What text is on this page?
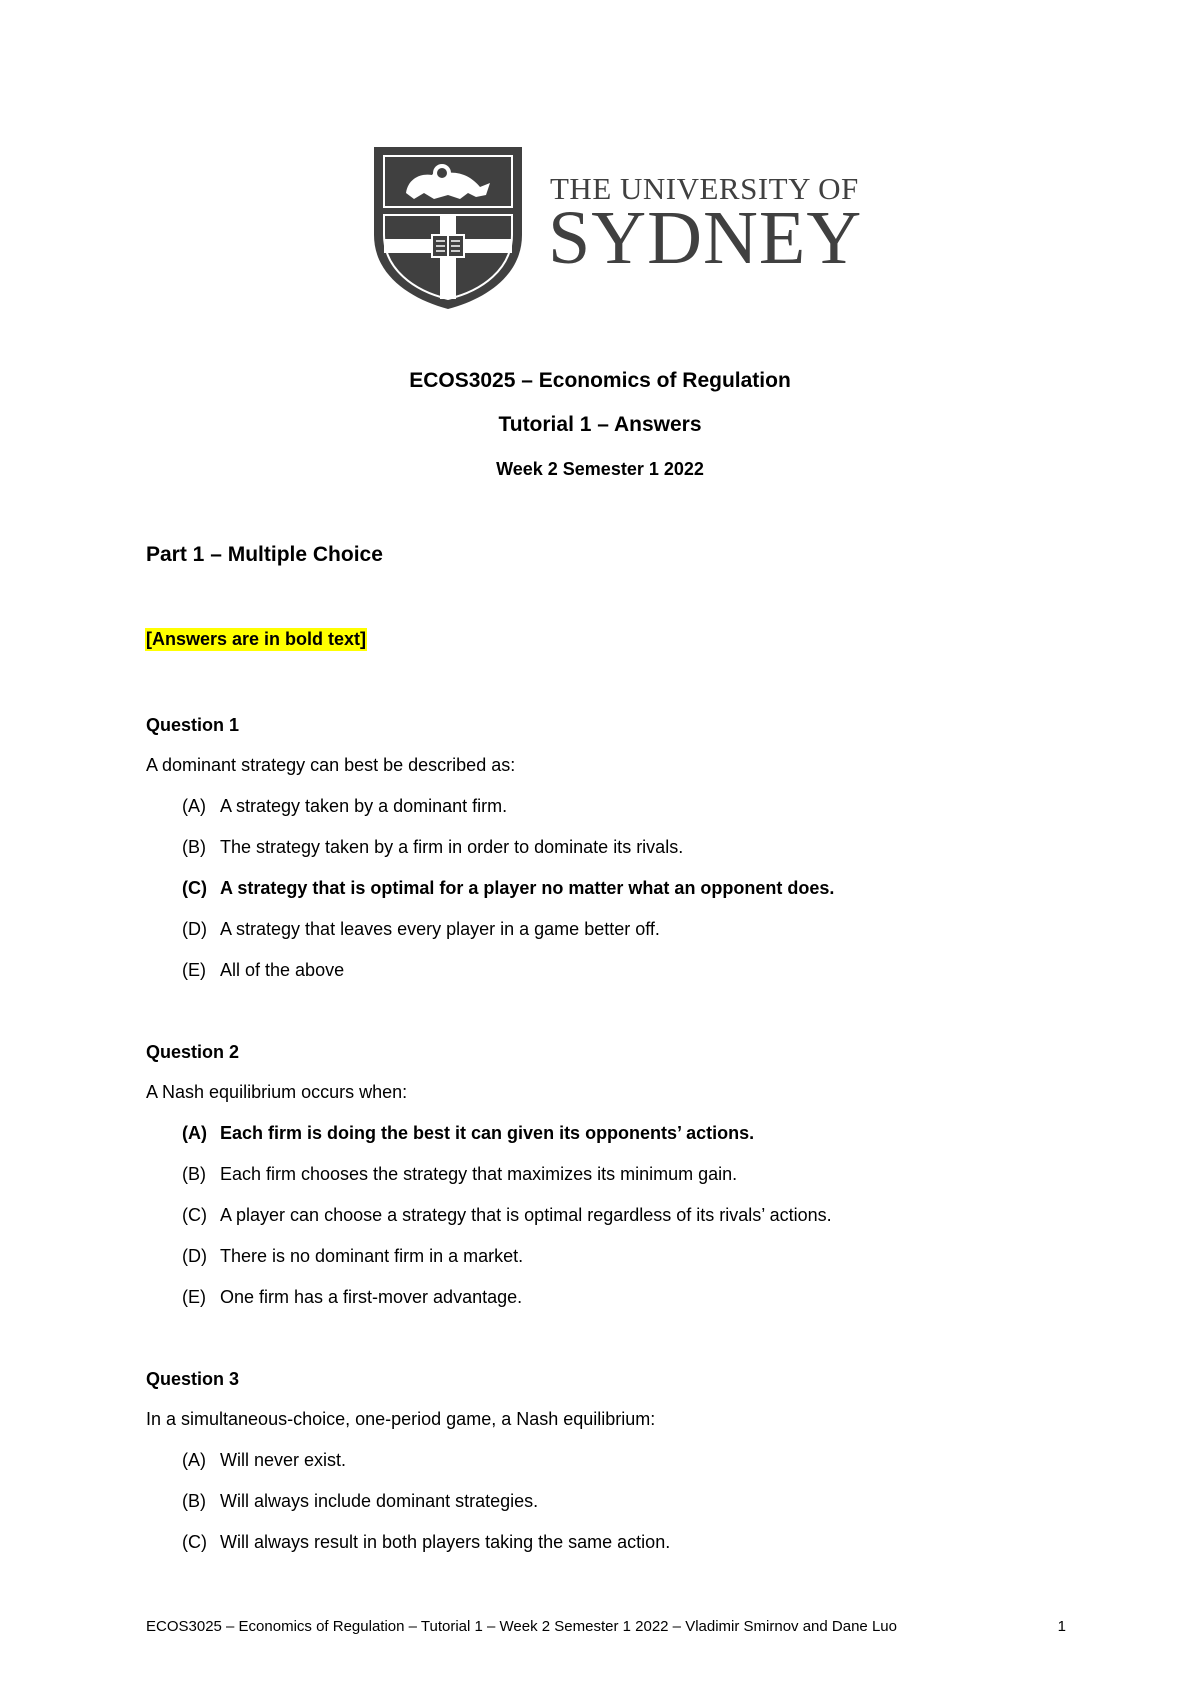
THE UNIVERSITY OF
SYDNEY
ECOS3025 – Economics of Regulation
Tutorial 1 – Answers
Week 2 Semester 1 2022
Part 1 – Multiple Choice
[Answers are in bold text]
Question 1
A dominant strategy can best be described as:
(A) A strategy taken by a dominant firm.
(B) The strategy taken by a firm in order to dominate its rivals.
(C) A strategy that is optimal for a player no matter what an opponent does.
(D) A strategy that leaves every player in a game better off.
(E) All of the above
Question 2
A Nash equilibrium occurs when:
(A) Each firm is doing the best it can given its opponents’ actions.
(B) Each firm chooses the strategy that maximizes its minimum gain.
(C) A player can choose a strategy that is optimal regardless of its rivals’ actions.
(D) There is no dominant firm in a market.
(E) One firm has a first-mover advantage.
Question 3
In a simultaneous-choice, one-period game, a Nash equilibrium:
(A) Will never exist.
(B) Will always include dominant strategies.
(C) Will always result in both players taking the same action.
ECOS3025 – Economics of Regulation – Tutorial 1 – Week 2 Semester 1 2022 – Vladimir Smirnov and Dane Luo	1
